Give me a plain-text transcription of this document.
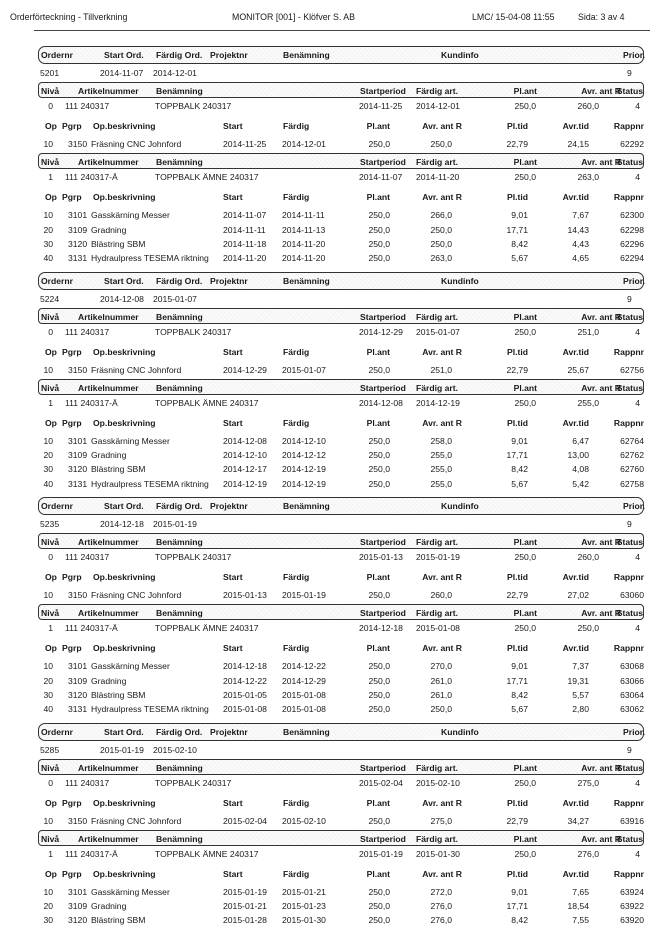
Orderförteckning - Tillverkning	MONITOR [001] - Klöfver S. AB	LMC/ 15-04-08 11:55	Sida: 3 av 4
Ordernr	Start Ord. Färdig Ord. Projektnr	Benämning	Kundinfo	Prior.
5201	2014-11-07 2014-12-01	9
Nivå Artikelnummer Benämning	Startperiod Färdig art.	Pl.ant	Avr. ant R
Status
0 111 240317	TOPPBALK 240317	2014-11-25 2014-12-01	250,0	260,0	4
Op Pgrp Op.beskrivning	Start	Färdig	Pl.ant	Avr. ant R	Pl.tid	Avr.tid	Rappnr
10 3150 Fräsning CNC Johnford	2014-11-25 2014-12-01	250,0	250,0	22,79	24,15	62292
Nivå Artikelnummer Benämning	Startperiod Färdig art.	Pl.ant	Avr. ant R
Status
1 111 240317-Ä	TOPPBALK ÄMNE 240317	2014-11-07 2014-11-20	250,0	263,0	4
Op Pgrp Op.beskrivning	Start	Färdig	Pl.ant	Avr. ant R	Pl.tid	Avr.tid	Rappnr
10 3101 Gasskärning Messer	2014-11-07 2014-11-11	250,0	266,0	9,01	7,67	62300
20 3109 Gradning	2014-11-11 2014-11-13	250,0	250,0	17,71	14,43	62298
30 3120 Blästring SBM	2014-11-18 2014-11-20	250,0	250,0	8,42	4,43	62296
40 3131 Hydraulpress TESEMA riktning 2014-11-20 2014-11-20	250,0	263,0	5,67	4,65	62294
Ordernr	Start Ord. Färdig Ord. Projektnr	Benämning	Kundinfo	Prior.
5224	2014-12-08 2015-01-07	9
Nivå Artikelnummer Benämning	Startperiod Färdig art.	Pl.ant	Avr. ant R
Status
0 111 240317	TOPPBALK 240317	2014-12-29 2015-01-07	250,0	251,0	4
Op Pgrp Op.beskrivning	Start	Färdig	Pl.ant	Avr. ant R	Pl.tid	Avr.tid	Rappnr
10 3150 Fräsning CNC Johnford	2014-12-29 2015-01-07	250,0	251,0	22,79	25,67	62756
Nivå Artikelnummer Benämning	Startperiod Färdig art.	Pl.ant	Avr. ant R
Status
1 111 240317-Ä	TOPPBALK ÄMNE 240317	2014-12-08 2014-12-19	250,0	255,0	4
Op Pgrp Op.beskrivning	Start	Färdig	Pl.ant	Avr. ant R	Pl.tid	Avr.tid	Rappnr
10 3101 Gasskärning Messer	2014-12-08 2014-12-10	250,0	258,0	9,01	6,47	62764
20 3109 Gradning	2014-12-10 2014-12-12	250,0	255,0	17,71	13,00	62762
30 3120 Blästring SBM	2014-12-17 2014-12-19	250,0	255,0	8,42	4,08	62760
40 3131 Hydraulpress TESEMA riktning 2014-12-19 2014-12-19	250,0	255,0	5,67	5,42	62758
Ordernr	Start Ord. Färdig Ord. Projektnr	Benämning	Kundinfo	Prior.
5235	2014-12-18 2015-01-19	9
Nivå Artikelnummer Benämning	Startperiod Färdig art.	Pl.ant	Avr. ant R
Status
0 111 240317	TOPPBALK 240317	2015-01-13 2015-01-19	250,0	260,0	4
Op Pgrp Op.beskrivning	Start	Färdig	Pl.ant	Avr. ant R	Pl.tid	Avr.tid	Rappnr
10 3150 Fräsning CNC Johnford	2015-01-13 2015-01-19	250,0	260,0	22,79	27,02	63060
Nivå Artikelnummer Benämning	Startperiod Färdig art.	Pl.ant	Avr. ant R
Status
1 111 240317-Ä	TOPPBALK ÄMNE 240317	2014-12-18 2015-01-08	250,0	250,0	4
Op Pgrp Op.beskrivning	Start	Färdig	Pl.ant	Avr. ant R	Pl.tid	Avr.tid	Rappnr
10 3101 Gasskärning Messer	2014-12-18 2014-12-22	250,0	270,0	9,01	7,37	63068
20 3109 Gradning	2014-12-22 2014-12-29	250,0	261,0	17,71	19,31	63066
30 3120 Blästring SBM	2015-01-05 2015-01-08	250,0	261,0	8,42	5,57	63064
40 3131 Hydraulpress TESEMA riktning 2015-01-08 2015-01-08	250,0	250,0	5,67	2,80	63062
Ordernr	Start Ord. Färdig Ord. Projektnr	Benämning	Kundinfo	Prior.
5285	2015-01-19 2015-02-10	9
Nivå Artikelnummer Benämning	Startperiod Färdig art.	Pl.ant	Avr. ant R
Status
0 111 240317	TOPPBALK 240317	2015-02-04 2015-02-10	250,0	275,0	4
Op Pgrp Op.beskrivning	Start	Färdig	Pl.ant	Avr. ant R	Pl.tid	Avr.tid	Rappnr
10 3150 Fräsning CNC Johnford	2015-02-04 2015-02-10	250,0	275,0	22,79	34,27	63916
Nivå Artikelnummer Benämning	Startperiod Färdig art.	Pl.ant	Avr. ant R
Status
1 111 240317-Ä	TOPPBALK ÄMNE 240317	2015-01-19 2015-01-30	250,0	276,0	4
Op Pgrp Op.beskrivning	Start	Färdig	Pl.ant	Avr. ant R	Pl.tid	Avr.tid	Rappnr
10 3101 Gasskärning Messer	2015-01-19 2015-01-21	250,0	272,0	9,01	7,65	63924
20 3109 Gradning	2015-01-21 2015-01-23	250,0	276,0	17,71	18,54	63922
30 3120 Blästring SBM	2015-01-28 2015-01-30	250,0	276,0	8,42	7,55	63920
